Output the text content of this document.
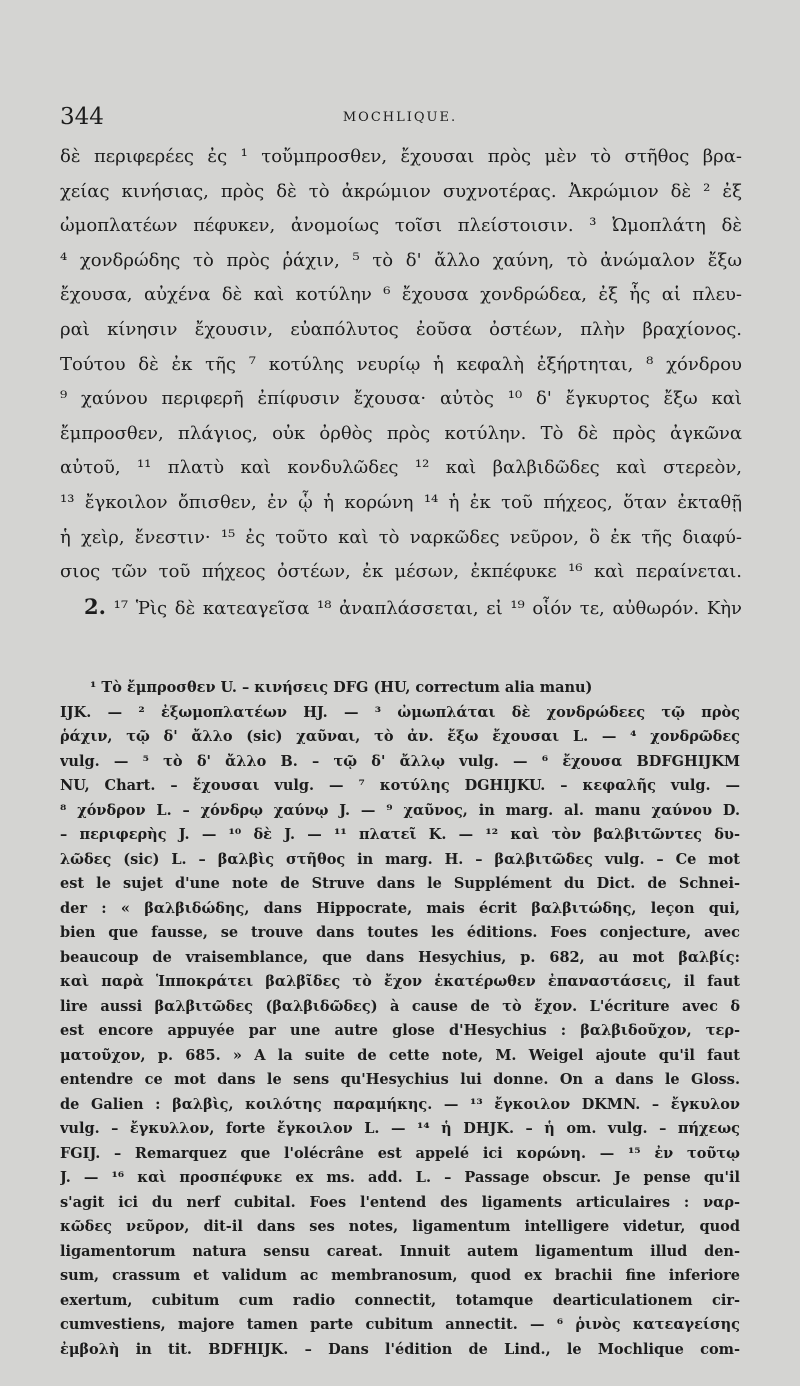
344	MOCHLIQUE.
δὲ περιφερέες ἐς ¹ τοὔμπροσθεν, ἔχουσαι πρὸς μὲν τὸ στῆθος βρα-
χείας κινήσιας, πρὸς δὲ τὸ ἀκρώμιον συχνοτέρας. Ἀκρώμιον δὲ ² ἐξ
ὠμοπλατέων πέφυκεν, ἀνομοίως τοῖσι πλείστοισιν. ³ Ὠμοπλάτη δὲ
⁴ χονδρώδης τὸ πρὸς ῥάχιν, ⁵ τὸ δ' ἄλλο χαύνη, τὸ ἀνώμαλον ἔξω
ἔχουσα, αὐχένα δὲ καὶ κοτύλην ⁶ ἔχουσα χονδρώδεα, ἐξ ἧς αἱ πλευ-
ραὶ κίνησιν ἔχουσιν, εὐαπόλυτος ἐοῦσα ὀστέων, πλὴν βραχίονος.
Τούτου δὲ ἐκ τῆς ⁷ κοτύλης νευρίῳ ἡ κεφαλὴ ἐξήρτηται, ⁸ χόνδρου
⁹ χαύνου περιφερῆ ἐπίφυσιν ἔχουσα· αὐτὸς ¹⁰ δ' ἔγκυρτος ἔξω καὶ
ἔμπροσθεν, πλάγιος, οὐκ ὀρθὸς πρὸς κοτύλην. Τὸ δὲ πρὸς ἀγκῶνα
αὐτοῦ, ¹¹ πλατὺ καὶ κονδυλῶδες ¹² καὶ βαλβιδῶδες καὶ στερεὸν,
¹³ ἔγκοιλον ὄπισθεν, ἐν ᾧ ἡ κορώνη ¹⁴ ἡ ἐκ τοῦ πήχεος, ὅταν ἐκταθῇ
ἡ χεὶρ, ἔνεστιν· ¹⁵ ἐς τοῦτο καὶ τὸ ναρκῶδες νεῦρον, ὃ ἐκ τῆς διαφύ-
σιος τῶν τοῦ πήχεος ὀστέων, ἐκ μέσων, ἐκπέφυκε ¹⁶ καὶ περαίνεται.
2. ¹⁷ Ῥὶς δὲ κατεαγεῖσα ¹⁸ ἀναπλάσσεται, εἰ ¹⁹ οἷόν τε, αὐθωρόν. Κὴν
¹ Τὸ ἔμπροσθεν U. – κινήσεις DFG (HU, correctum alia manu)
IJK. — ² ἐξωμοπλατέων HJ. — ³ ὠμωπλάται δὲ χονδρώδεες τῷ πρὸς
ῥάχιν, τῷ δ' ἄλλο (sic) χαῦναι, τὸ ἀν. ἔξω ἔχουσαι L. — ⁴ χονδρῶδες
vulg. — ⁵ τὸ δ' ἄλλο B. – τῷ δ' ἄλλῳ vulg. — ⁶ ἔχουσα BDFGHIJKM
NU, Chart. – ἔχουσαι vulg. — ⁷ κοτύλης DGHIJKU. – κεφαλῆς vulg. —
⁸ χόνδρον L. – χόνδρῳ χαύνῳ J. — ⁹ χαῦνος, in marg. al. manu χαύνου D.
– περιφερὴς J. — ¹⁰ δὲ J. — ¹¹ πλατεῖ K. — ¹² καὶ τὸν βαλβιτῶντες δυ-
λῶδες (sic) L. – βαλβὶς στῆθος in marg. H. – βαλβιτῶδες vulg. – Ce mot
est le sujet d'une note de Struve dans le Supplément du Dict. de Schnei-
der : « βαλβιδώδης, dans Hippocrate, mais écrit βαλβιτώδης, leçon qui,
bien que fausse, se trouve dans toutes les éditions. Foes conjecture, avec
beaucoup de vraisemblance, que dans Hesychius, p. 682, au mot βαλβίς:
καὶ παρὰ Ἱπποκράτει βαλβῖδες τὸ ἔχον ἑκατέρωθεν ἐπαναστάσεις, il faut
lire aussi βαλβιτῶδες (βαλβιδῶδες) à cause de τὸ ἔχον. L'écriture avec δ
est encore appuyée par une autre glose d'Hesychius : βαλβιδοῦχον, τερ-
ματοῦχον, p. 685. » A la suite de cette note, M. Weigel ajoute qu'il faut
entendre ce mot dans le sens qu'Hesychius lui donne. On a dans le Gloss.
de Galien : βαλβὶς, κοιλότης παραμήκης. — ¹³ ἔγκοιλον DKMN. – ἔγκυλον
vulg. – ἔγκυλλον, forte ἔγκοιλον L. — ¹⁴ ἡ DHJK. – ἡ om. vulg. – πήχεως
FGIJ. – Remarquez que l'olécrâne est appelé ici κορώνη. — ¹⁵ ἐν τοῦτῳ
J. — ¹⁶ καὶ προσπέφυκε ex ms. add. L. – Passage obscur. Je pense qu'il
s'agit ici du nerf cubital. Foes l'entend des ligaments articulaires : ναρ-
κῶδες νεῦρον, dit-il dans ses notes, ligamentum intelligere videtur, quod
ligamentorum natura sensu careat. Innuit autem ligamentum illud den-
sum, crassum et validum ac membranosum, quod ex brachii fine inferiore
exertum, cubitum cum radio connectit, totamque dearticulationem cir-
cumvestiens, majore tamen parte cubitum annectit. — ⁶ ῥινὸς κατεαγείσης
ἐμβολὴ in tit. BDFHIJK. – Dans l'édition de Lind., le Mochlique com-
